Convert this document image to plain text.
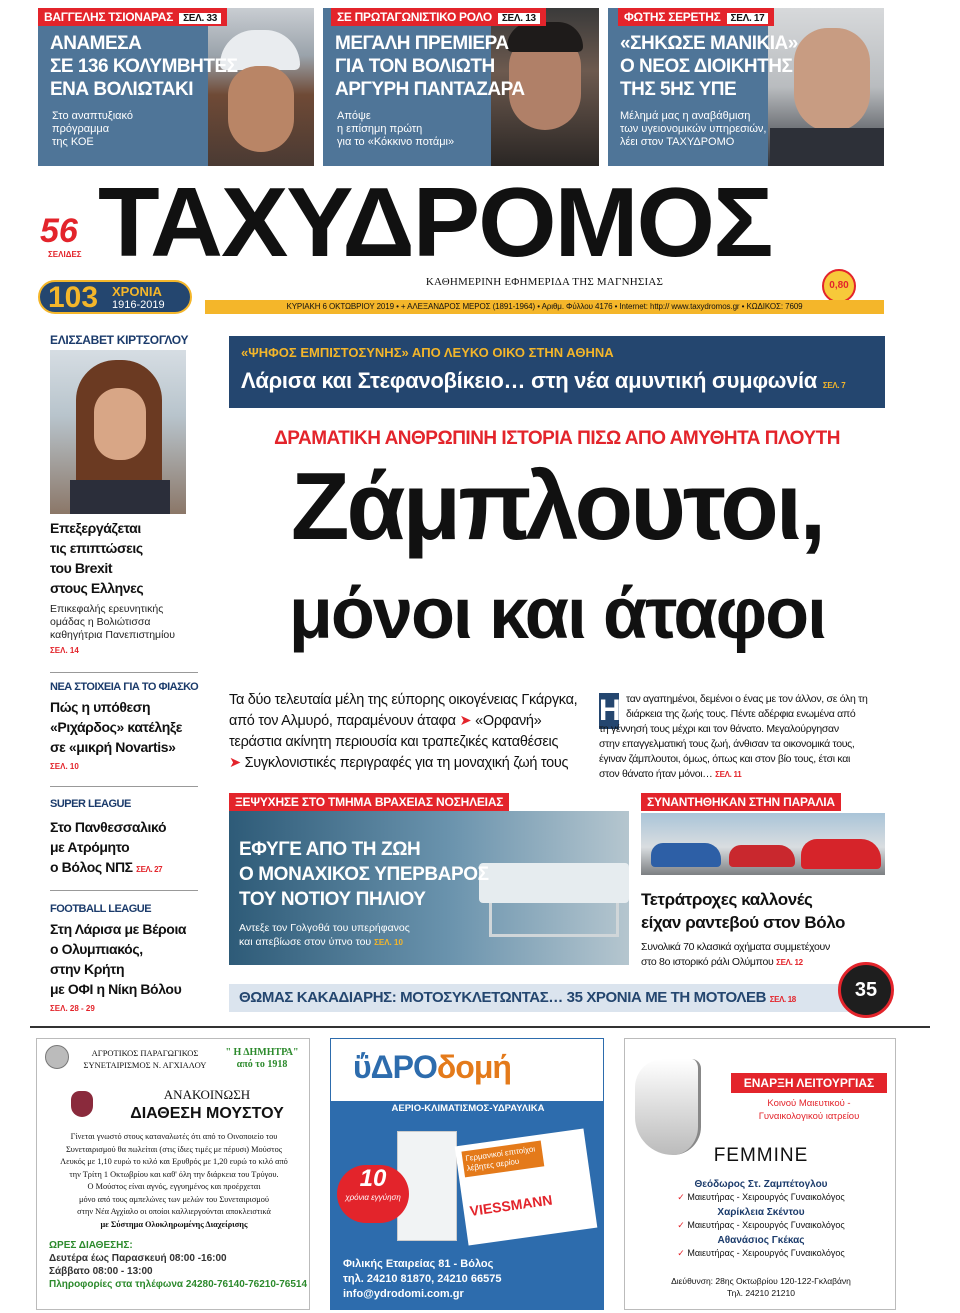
ΒΑΓΓΕΛΗΣ ΤΣΙΟΝΑΡΑΣ ΣΕΛ. 33
ΑΝΑΜΕΣΑ
ΣΕ 136 ΚΟΛΥΜΒΗΤΕΣ
ΕΝΑ ΒΟΛΙΩΤΑΚΙ
Στο αναπτυξιακό
πρόγραμμα
της ΚΟΕ
ΣΕ ΠΡΩΤΑΓΩΝΙΣΤΙΚΟ ΡΟΛΟ ΣΕΛ. 13
ΜΕΓΑΛΗ ΠΡΕΜΙΕΡΑ
ΓΙΑ ΤΟΝ ΒΟΛΙΩΤΗ
ΑΡΓΥΡΗ ΠΑΝΤΑΖΑΡΑ
Απόψε
η επίσημη πρώτη
για το «Κόκκινο ποτάμι»
ΦΩΤΗΣ ΣΕΡΕΤΗΣ ΣΕΛ. 17
«ΣΗΚΩΣΕ ΜΑΝΙΚΙΑ»
Ο ΝΕΟΣ ΔΙΟΙΚΗΤΗΣ
ΤΗΣ 5ΗΣ ΥΠΕ
Μέλημά μας η αναβάθμιση
των υγειονομικών υπηρεσιών,
λέει στον ΤΑΧΥΔΡΟΜΟ
56
ΣΕΛΙΔΕΣ
103 ΧΡΟΝΙΑ
1916-2019
ΤΑΧΥΔΡΟΜΟΣ
ΚΑΘΗΜΕΡΙΝΗ ΕΦΗΜΕΡΙΔΑ ΤΗΣ ΜΑΓΝΗΣΙΑΣ	0,80
ΚΥΡΙΑΚΗ 6 ΟΚΤΩΒΡΙΟΥ 2019 • + ΑΛΕΞΑΝΔΡΟΣ ΜΕΡΟΣ (1891-1964) • Αριθμ. Φύλλου 4176 • Internet: http:// www.taxydromos.gr • ΚΩΔΙΚΟΣ: 7609
ΕΛΙΣΣΑΒΕΤ ΚΙΡΤΣΟΓΛΟΥ
Επεξεργάζεται
τις επιπτώσεις
του Brexit
στους Ελληνες
Επικεφαλής ερευνητικής
ομάδας η Βολιώτισσα
καθηγήτρια Πανεπιστημίου
ΣΕΛ. 14
ΝΕΑ ΣΤΟΙΧΕΙΑ ΓΙΑ ΤΟ ΦΙΑΣΚΟ
Πώς η υπόθεση
«Ριχάρδος» κατέληξε
σε «μικρή Novartis»
ΣΕΛ. 10
SUPER LEAGUE
Στο Πανθεσσαλικό
με Ατρόμητο
ο Βόλος ΝΠΣ ΣΕΛ. 27
FOOTBALL LEAGUE
Στη Λάρισα με Βέροια
ο Ολυμπιακός,
στην Κρήτη
με ΟΦΙ η Νίκη Βόλου
ΣΕΛ. 28 - 29
«ΨΗΦΟΣ ΕΜΠΙΣΤΟΣΥΝΗΣ» ΑΠΟ ΛΕΥΚΟ ΟΙΚΟ ΣΤΗΝ ΑΘΗΝΑ
Λάρισα και Στεφανοβίκειο… στη νέα αμυντική συμφωνία ΣΕΛ. 7
ΔΡΑΜΑΤΙΚΗ ΑΝΘΡΩΠΙΝΗ ΙΣΤΟΡΙΑ ΠΙΣΩ ΑΠΟ ΑΜΥΘΗΤΑ ΠΛΟΥΤΗ
Ζάμπλουτοι,
μόνοι και άταφοι
Τα δύο τελευταία μέλη της εύπορης οικογένειας Γκάργκα,
από τον Αλμυρό, παραμένουν άταφα ➤ «Ορφανή»
τεράστια ακίνητη περιουσία και τραπεζικές καταθέσεις
➤ Συγκλονιστικές περιγραφές για τη μοναχική ζωή τους
Η ταν αγαπημένοι, δεμένοι ο ένας με τον άλλον, σε όλη τη
διάρκεια της ζωής τους. Πέντε αδέρφια ενωμένα από
τη γέννησή τους μέχρι και τον θάνατο. Μεγαλούργησαν
στην επαγγελματική τους ζωή, άνθισαν τα οικονομικά τους,
έγιναν ζάμπλουτοι, όμως, όπως και στον βίο τους, έτσι και
στον θάνατο ήταν μόνοι… ΣΕΛ. 11
ΞΕΨΥΧΗΣΕ ΣΤΟ ΤΜΗΜΑ ΒΡΑΧΕΙΑΣ ΝΟΣΗΛΕΙΑΣ
ΕΦΥΓΕ ΑΠΟ ΤΗ ΖΩΗ
Ο ΜΟΝΑΧΙΚΟΣ ΥΠΕΡΒΑΡΟΣ
ΤΟΥ ΝΟΤΙΟΥ ΠΗΛΙΟΥ
Αντεξε τον Γολγοθά του υπερήφανος
και απεβίωσε στον ύπνο του ΣΕΛ. 10
ΣΥΝΑΝΤΗΘΗΚΑΝ ΣΤΗΝ ΠΑΡΑΛΙΑ
Τετράτροχες καλλονές
είχαν ραντεβού στον Βόλο
Συνολικά 70 κλασικά οχήματα συμμετέχουν
στο 8ο ιστορικό ράλι Ολύμπου ΣΕΛ. 12
ΘΩΜΑΣ ΚΑΚΑΔΙΑΡΗΣ: ΜΟΤΟΣΥΚΛΕΤΩΝΤΑΣ… 35 ΧΡΟΝΙΑ ΜΕ ΤΗ ΜΟΤΟΛΕΒ ΣΕΛ. 18	35
ΑΓΡΟΤΙΚΟΣ ΠΑΡΑΓΩΓΙΚΟΣ
ΣΥΝΕΤΑΙΡΙΣΜΟΣ Ν. ΑΓΧΙΑΛΟΥ
" Η ΔΗΜΗΤΡΑ"
από το 1918
ΑΝΑΚΟΙΝΩΣΗ
ΔΙΑΘΕΣΗ ΜΟΥΣΤΟΥ
Γίνεται γνωστό στους καταναλωτές ότι από το Οινοποιείο του
Συνεταιρισμού θα πωλείται (στις ίδιες τιμές με πέρυσι) Μούστος
Λευκός με 1,10 ευρώ το κιλό και Ερυθρός με 1,20 ευρώ το κιλό από
την Τρίτη 1 Οκτωβρίου και καθ' όλη την διάρκεια του Τρύγου.
Ο Μούστος είναι αγνός, εγγυημένος και προέρχεται
μόνο από τους αμπελώνες των μελών του Συνεταιρισμού
στην Νέα Αγχίαλο οι οποίοι καλλιεργούνται αποκλειστικά
με Σύστημα Ολοκληρωμένης Διαχείρισης
ΩΡΕΣ ΔΙΑΘΕΣΗΣ:
Δευτέρα έως Παρασκευή 08:00 -16:00
Σάββατο 08:00 - 13:00
Πληροφορίες στα τηλέφωνα 24280-76140-76210-76514
ΰΔΡΟδομή
ΑΕΡΙΟ-ΚΛΙΜΑΤΙΣΜΟΣ-ΥΔΡΑΥΛΙΚΑ
10
χρόνια εγγύηση
Γερμανικοί επιτοίχοι λέβητες αερίου
VIESSMANN
Φιλικής Εταιρείας 81 - Βόλος
τηλ. 24210 81870, 24210 66575
info@ydrodomi.com.gr
ΕΝΑΡΞΗ ΛΕΙΤΟΥΡΓΙΑΣ
Κοινού Μαιευτικού -
Γυναικολογικού ιατρείου
FEMMINE
Θεόδωρος Στ. Ζαμπέτογλου
✓ Μαιευτήρας - Χειρουργός Γυναικολόγος
Χαρίκλεια Σκέντου
✓ Μαιευτήρας - Χειρουργός Γυναικολόγος
Αθανάσιος Γκέκας
✓ Μαιευτήρας - Χειρουργός Γυναικολόγος
Διεύθυνση: 28ης Οκτωβρίου 120-122-Γκλαβάνη
Τηλ. 24210 21210
